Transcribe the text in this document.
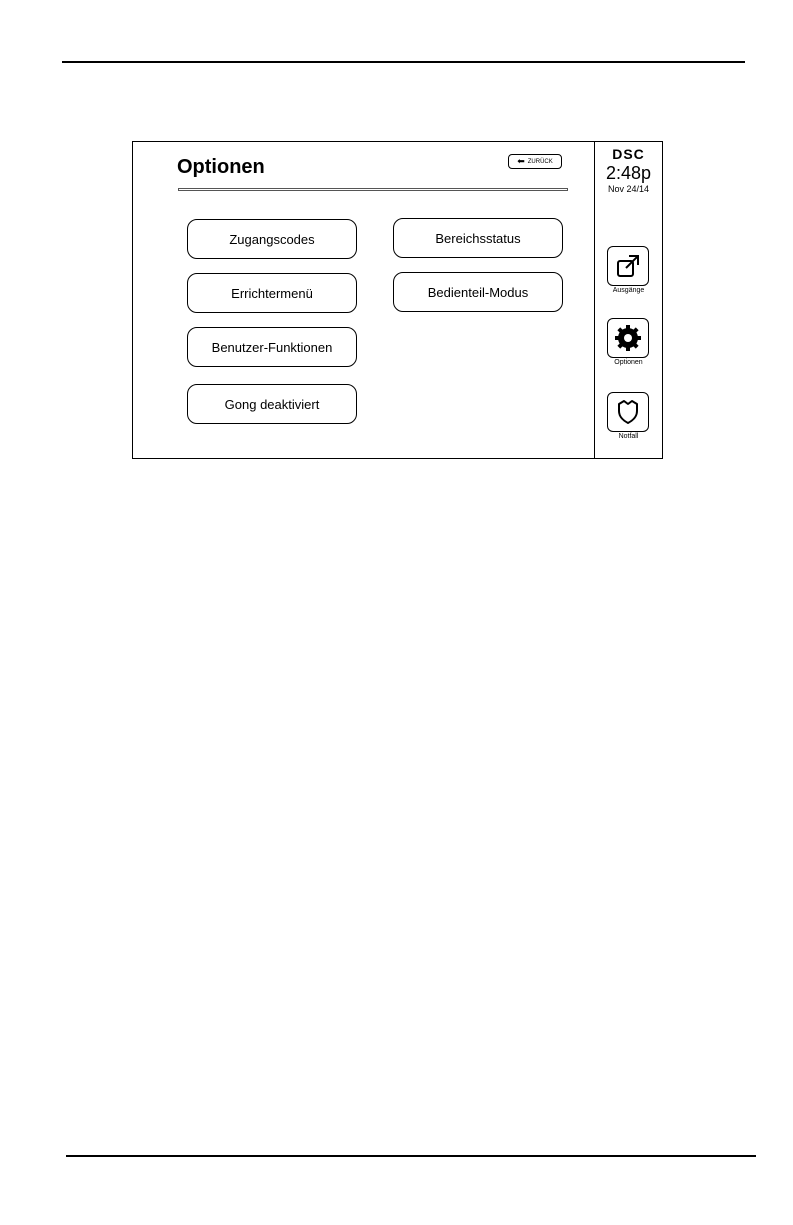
Optionen	⬅ ZURÜCK
Zugangscodes
Errichtermenü
Benutzer-Funktionen
Gong deaktiviert
Bereichsstatus
Bedienteil-Modus
DSC
2:48p
Nov 24/14
Ausgänge
Optionen
Notfall
